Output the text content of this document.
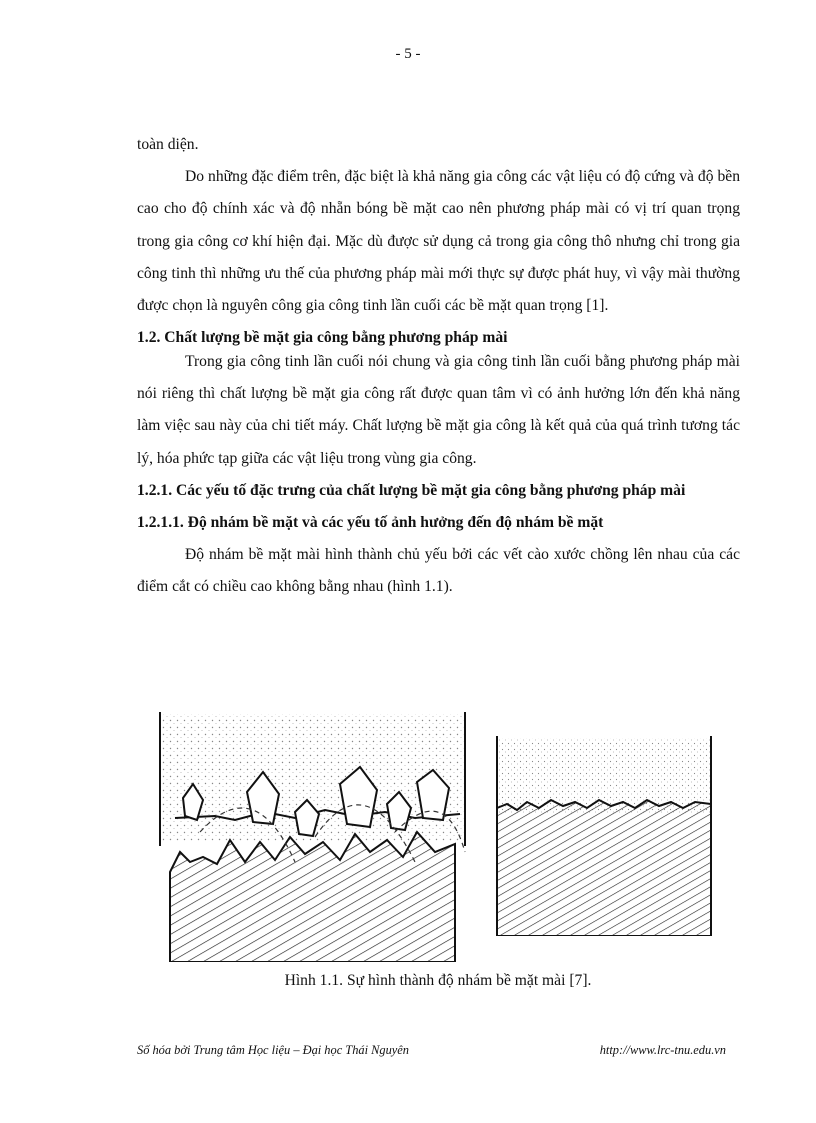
- 5 -

toàn diện.

Do những đặc điểm trên, đặc biệt là khả năng gia công các vật liệu có độ cứng và độ bền cao cho độ chính xác và độ nhẵn bóng bề mặt cao nên phương pháp mài có vị trí quan trọng trong gia công cơ khí hiện đại. Mặc dù được sử dụng cả trong gia công thô nhưng chỉ trong gia công tinh thì những ưu thế của phương pháp mài mới thực sự được phát huy, vì vậy mài thường được chọn là nguyên công gia công tinh lần cuối các bề mặt quan trọng [1].

1.2. Chất lượng bề mặt gia công bằng phương pháp mài

Trong gia công tinh lần cuối nói chung và gia công tinh lần cuối bằng phương pháp mài nói riêng thì chất lượng bề mặt gia công rất được quan tâm vì có ảnh hưởng lớn đến khả năng làm việc sau này của chi tiết máy. Chất lượng bề mặt gia công là kết quả của quá trình tương tác lý, hóa phức tạp giữa các vật liệu trong vùng gia công.

1.2.1. Các yếu tố đặc trưng của chất lượng bề mặt gia công bằng phương pháp mài

1.2.1.1. Độ nhám bề mặt và các yếu tố ảnh hưởng đến độ nhám bề mặt

Độ nhám bề mặt mài hình thành chủ yếu bởi các vết cào xước chồng lên nhau của các điểm cắt có chiều cao không bằng nhau (hình 1.1).

Hình 1.1. Sự hình thành độ nhám bề mặt mài [7].
Số hóa bởi Trung tâm Học liệu – Đại học Thái Nguyên	http://www.lrc-tnu.edu.vn
